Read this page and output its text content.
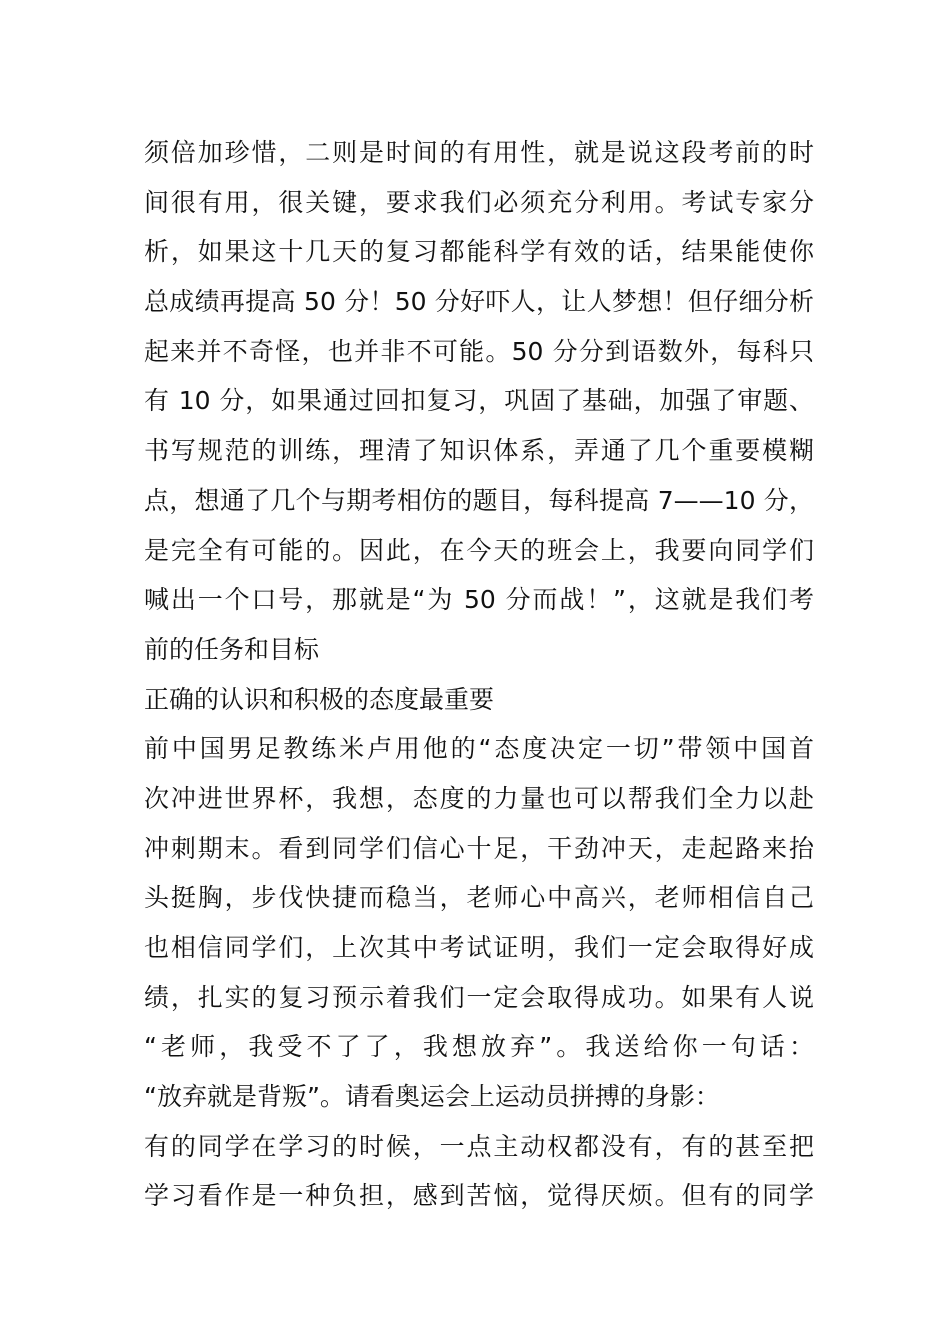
须倍加珍惜，二则是时间的有用性，就是说这段考前的时
间很有用，很关键，要求我们必须充分利用。考试专家分
析，如果这十几天的复习都能科学有效的话，结果能使你
总成绩再提高 50 分！50 分好吓人，让人梦想！但仔细分析
起来并不奇怪，也并非不可能。50 分分到语数外，每科只
有 10 分，如果通过回扣复习，巩固了基础，加强了审题、
书写规范的训练，理清了知识体系，弄通了几个重要模糊
点，想通了几个与期考相仿的题目，每科提高 7——10 分，
是完全有可能的。因此，在今天的班会上，我要向同学们
喊出一个口号，那就是“为 50 分而战！”，这就是我们考
前的任务和目标
正确的认识和积极的态度最重要
前中国男足教练米卢用他的“态度决定一切”带领中国首
次冲进世界杯，我想，态度的力量也可以帮我们全力以赴
冲刺期末。看到同学们信心十足，干劲冲天，走起路来抬
头挺胸，步伐快捷而稳当，老师心中高兴，老师相信自己
也相信同学们，上次其中考试证明，我们一定会取得好成
绩，扎实的复习预示着我们一定会取得成功。如果有人说
“老师，我受不了了，我想放弃”。我送给你一句话：
“放弃就是背叛”。请看奥运会上运动员拼搏的身影：
有的同学在学习的时候，一点主动权都没有，有的甚至把
学习看作是一种负担，感到苦恼，觉得厌烦。但有的同学
